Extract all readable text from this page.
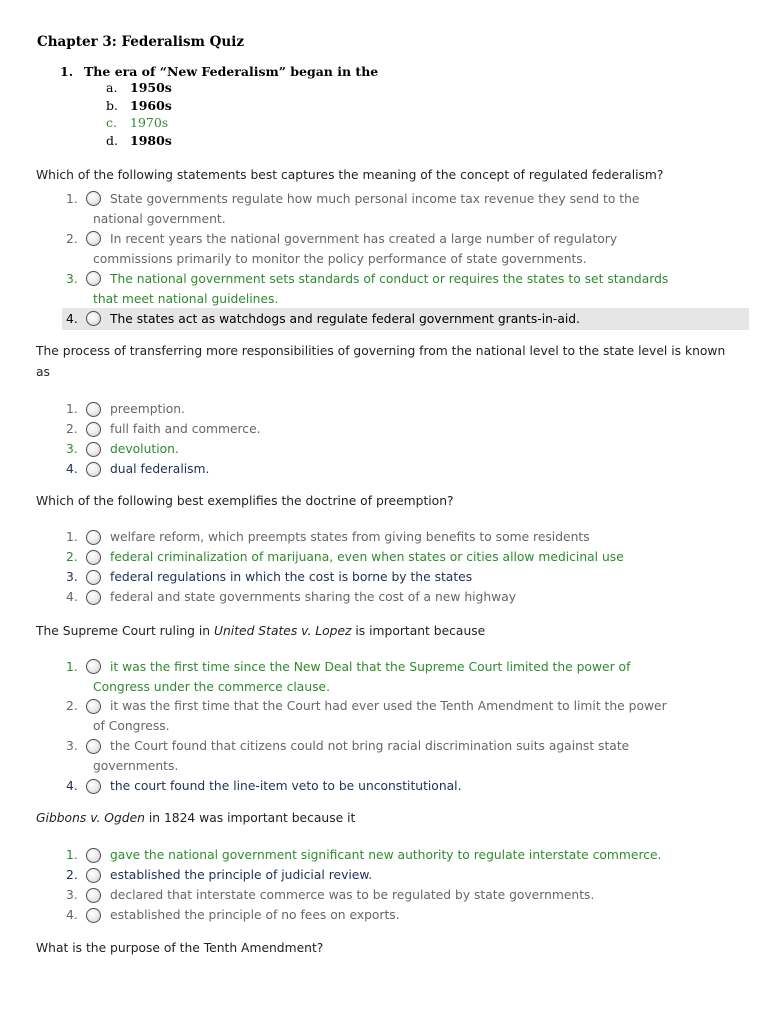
Chapter 3: Federalism Quiz
1. The era of “New Federalism” began in the
a. 1950s
b. 1960s
c. 1970s
d. 1980s
Which of the following statements best captures the meaning of the concept of regulated federalism?
1.	State governments regulate how much personal income tax revenue they send to the
national government.
2.	In recent years the national government has created a large number of regulatory
commissions primarily to monitor the policy performance of state governments.
3.	The national government sets standards of conduct or requires the states to set standards
that meet national guidelines.
4.	The states act as watchdogs and regulate federal government grants-in-aid.
The process of transferring more responsibilities of governing from the national level to the state level is known as
1.	preemption.
2.	full faith and commerce.
3.	devolution.
4.	dual federalism.
Which of the following best exemplifies the doctrine of preemption?
1.	welfare reform, which preempts states from giving benefits to some residents
2.	federal criminalization of marijuana, even when states or cities allow medicinal use
3.	federal regulations in which the cost is borne by the states
4.	federal and state governments sharing the cost of a new highway
The Supreme Court ruling in United States v. Lopez is important because
1.	it was the first time since the New Deal that the Supreme Court limited the power of
Congress under the commerce clause.
2.	it was the first time that the Court had ever used the Tenth Amendment to limit the power
of Congress.
3.	the Court found that citizens could not bring racial discrimination suits against state
governments.
4.	the court found the line-item veto to be unconstitutional.
Gibbons v. Ogden in 1824 was important because it
1.	gave the national government significant new authority to regulate interstate commerce.
2.	established the principle of judicial review.
3.	declared that interstate commerce was to be regulated by state governments.
4.	established the principle of no fees on exports.
What is the purpose of the Tenth Amendment?
